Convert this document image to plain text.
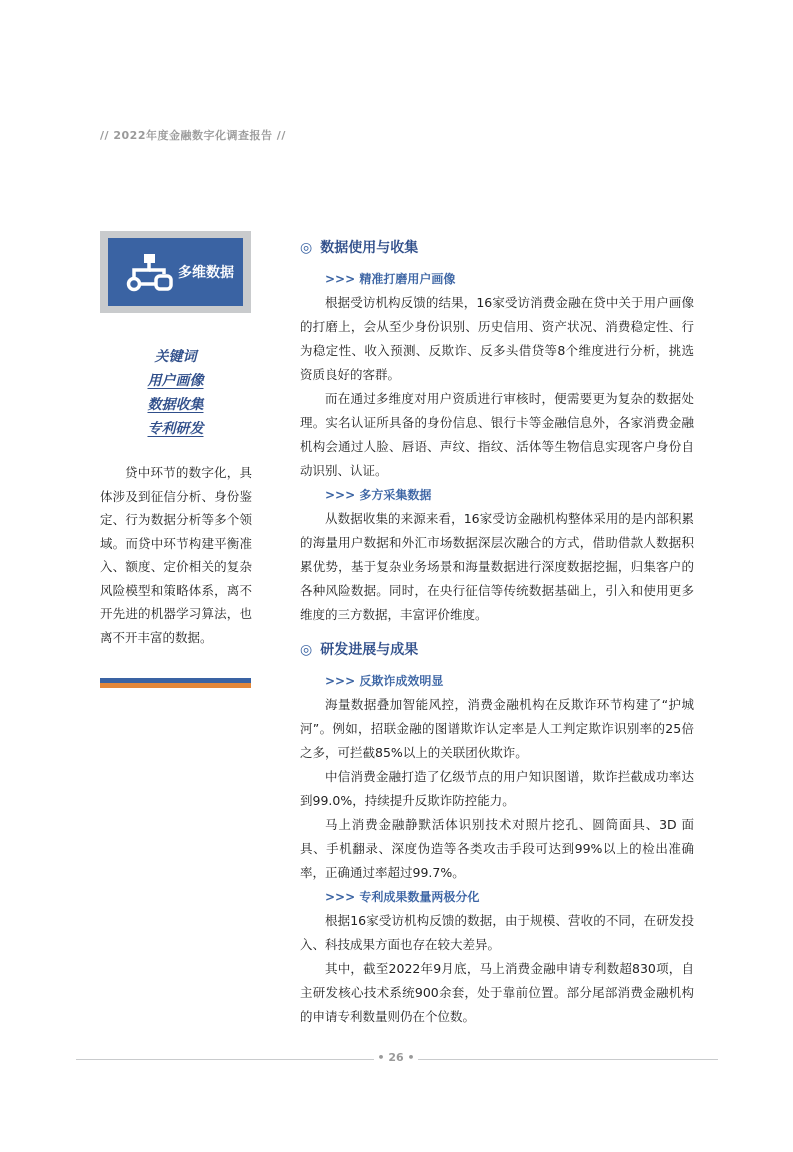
// 2022年度金融数字化调查报告 //
多维数据
关键词
用户画像
数据收集
专利研发

贷中环节的数字化，具体涉及到征信分析、身份鉴定、行为数据分析等多个领域。而贷中环节构建平衡准入、额度、定价相关的复杂风险模型和策略体系，离不开先进的机器学习算法，也离不开丰富的数据。

◎ 数据使用与收集
>>> 精准打磨用户画像

根据受访机构反馈的结果，16家受访消费金融在贷中关于用户画像的打磨上，会从至少身份识别、历史信用、资产状况、消费稳定性、行为稳定性、收入预测、反欺诈、反多头借贷等8个维度进行分析，挑选资质良好的客群。

而在通过多维度对用户资质进行审核时，便需要更为复杂的数据处理。实名认证所具备的身份信息、银行卡等金融信息外，各家消费金融机构会通过人脸、唇语、声纹、指纹、活体等生物信息实现客户身份自动识别、认证。

>>> 多方采集数据

从数据收集的来源来看，16家受访金融机构整体采用的是内部积累的海量用户数据和外汇市场数据深层次融合的方式，借助借款人数据积累优势，基于复杂业务场景和海量数据进行深度数据挖掘，归集客户的各种风险数据。同时，在央行征信等传统数据基础上，引入和使用更多维度的三方数据，丰富评价维度。

◎ 研发进展与成果
>>> 反欺诈成效明显

海量数据叠加智能风控，消费金融机构在反欺诈环节构建了“护城河”。例如，招联金融的图谱欺诈认定率是人工判定欺诈识别率的25倍之多，可拦截85%以上的关联团伙欺诈。

中信消费金融打造了亿级节点的用户知识图谱，欺诈拦截成功率达到99.0%，持续提升反欺诈防控能力。

马上消费金融静默活体识别技术对照片挖孔、圆筒面具、3D 面具、手机翻录、深度伪造等各类攻击手段可达到99%以上的检出准确率，正确通过率超过99.7%。

>>> 专利成果数量两极分化

根据16家受访机构反馈的数据，由于规模、营收的不同，在研发投入、科技成果方面也存在较大差异。

其中，截至2022年9月底，马上消费金融申请专利数超830项，自主研发核心技术系统900余套，处于靠前位置。部分尾部消费金融机构的申请专利数量则仍在个位数。

• 26 •
